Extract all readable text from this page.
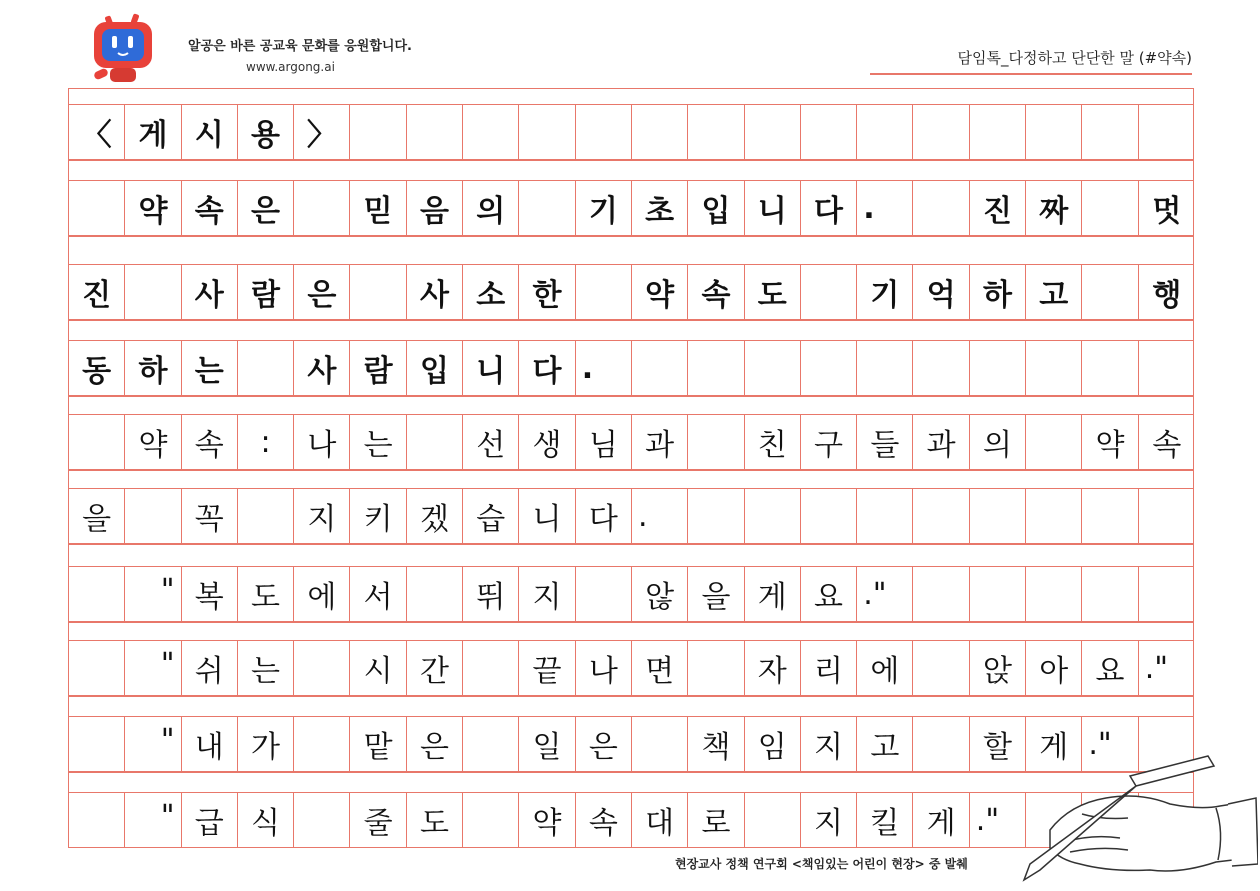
알공은 바른 공교육 문화를 응원합니다.
www.argong.ai	담임톡_다정하고 단단한 말 (#약속)
〈 게 시 용 〉
약 속 은	믿 음 의	기 초 입 니 다 .	진 짜	멋
진	사 람 은	사 소 한	약 속 도	기 억 하 고	행
동 하 는	사 람 입 니 다 .
약 속	:	나 는	선 생 님 과	친 구 들 과 의	약 속
을	꼭	지 키 겠 습 니 다 .
" 복 도 에 서	뛰 지	않 을 게 요 ."
" 쉬 는	시 간	끝 나 면	자 리 에	앉 아 요 ."
" 내 가	맡 은	일 은	책 임 지 고	할 게 ."
" 급 식	줄 도	약 속 대 로	지 킬 게 ."
현장교사 정책 연구회 <책임있는 어린이 현장> 중 발췌
